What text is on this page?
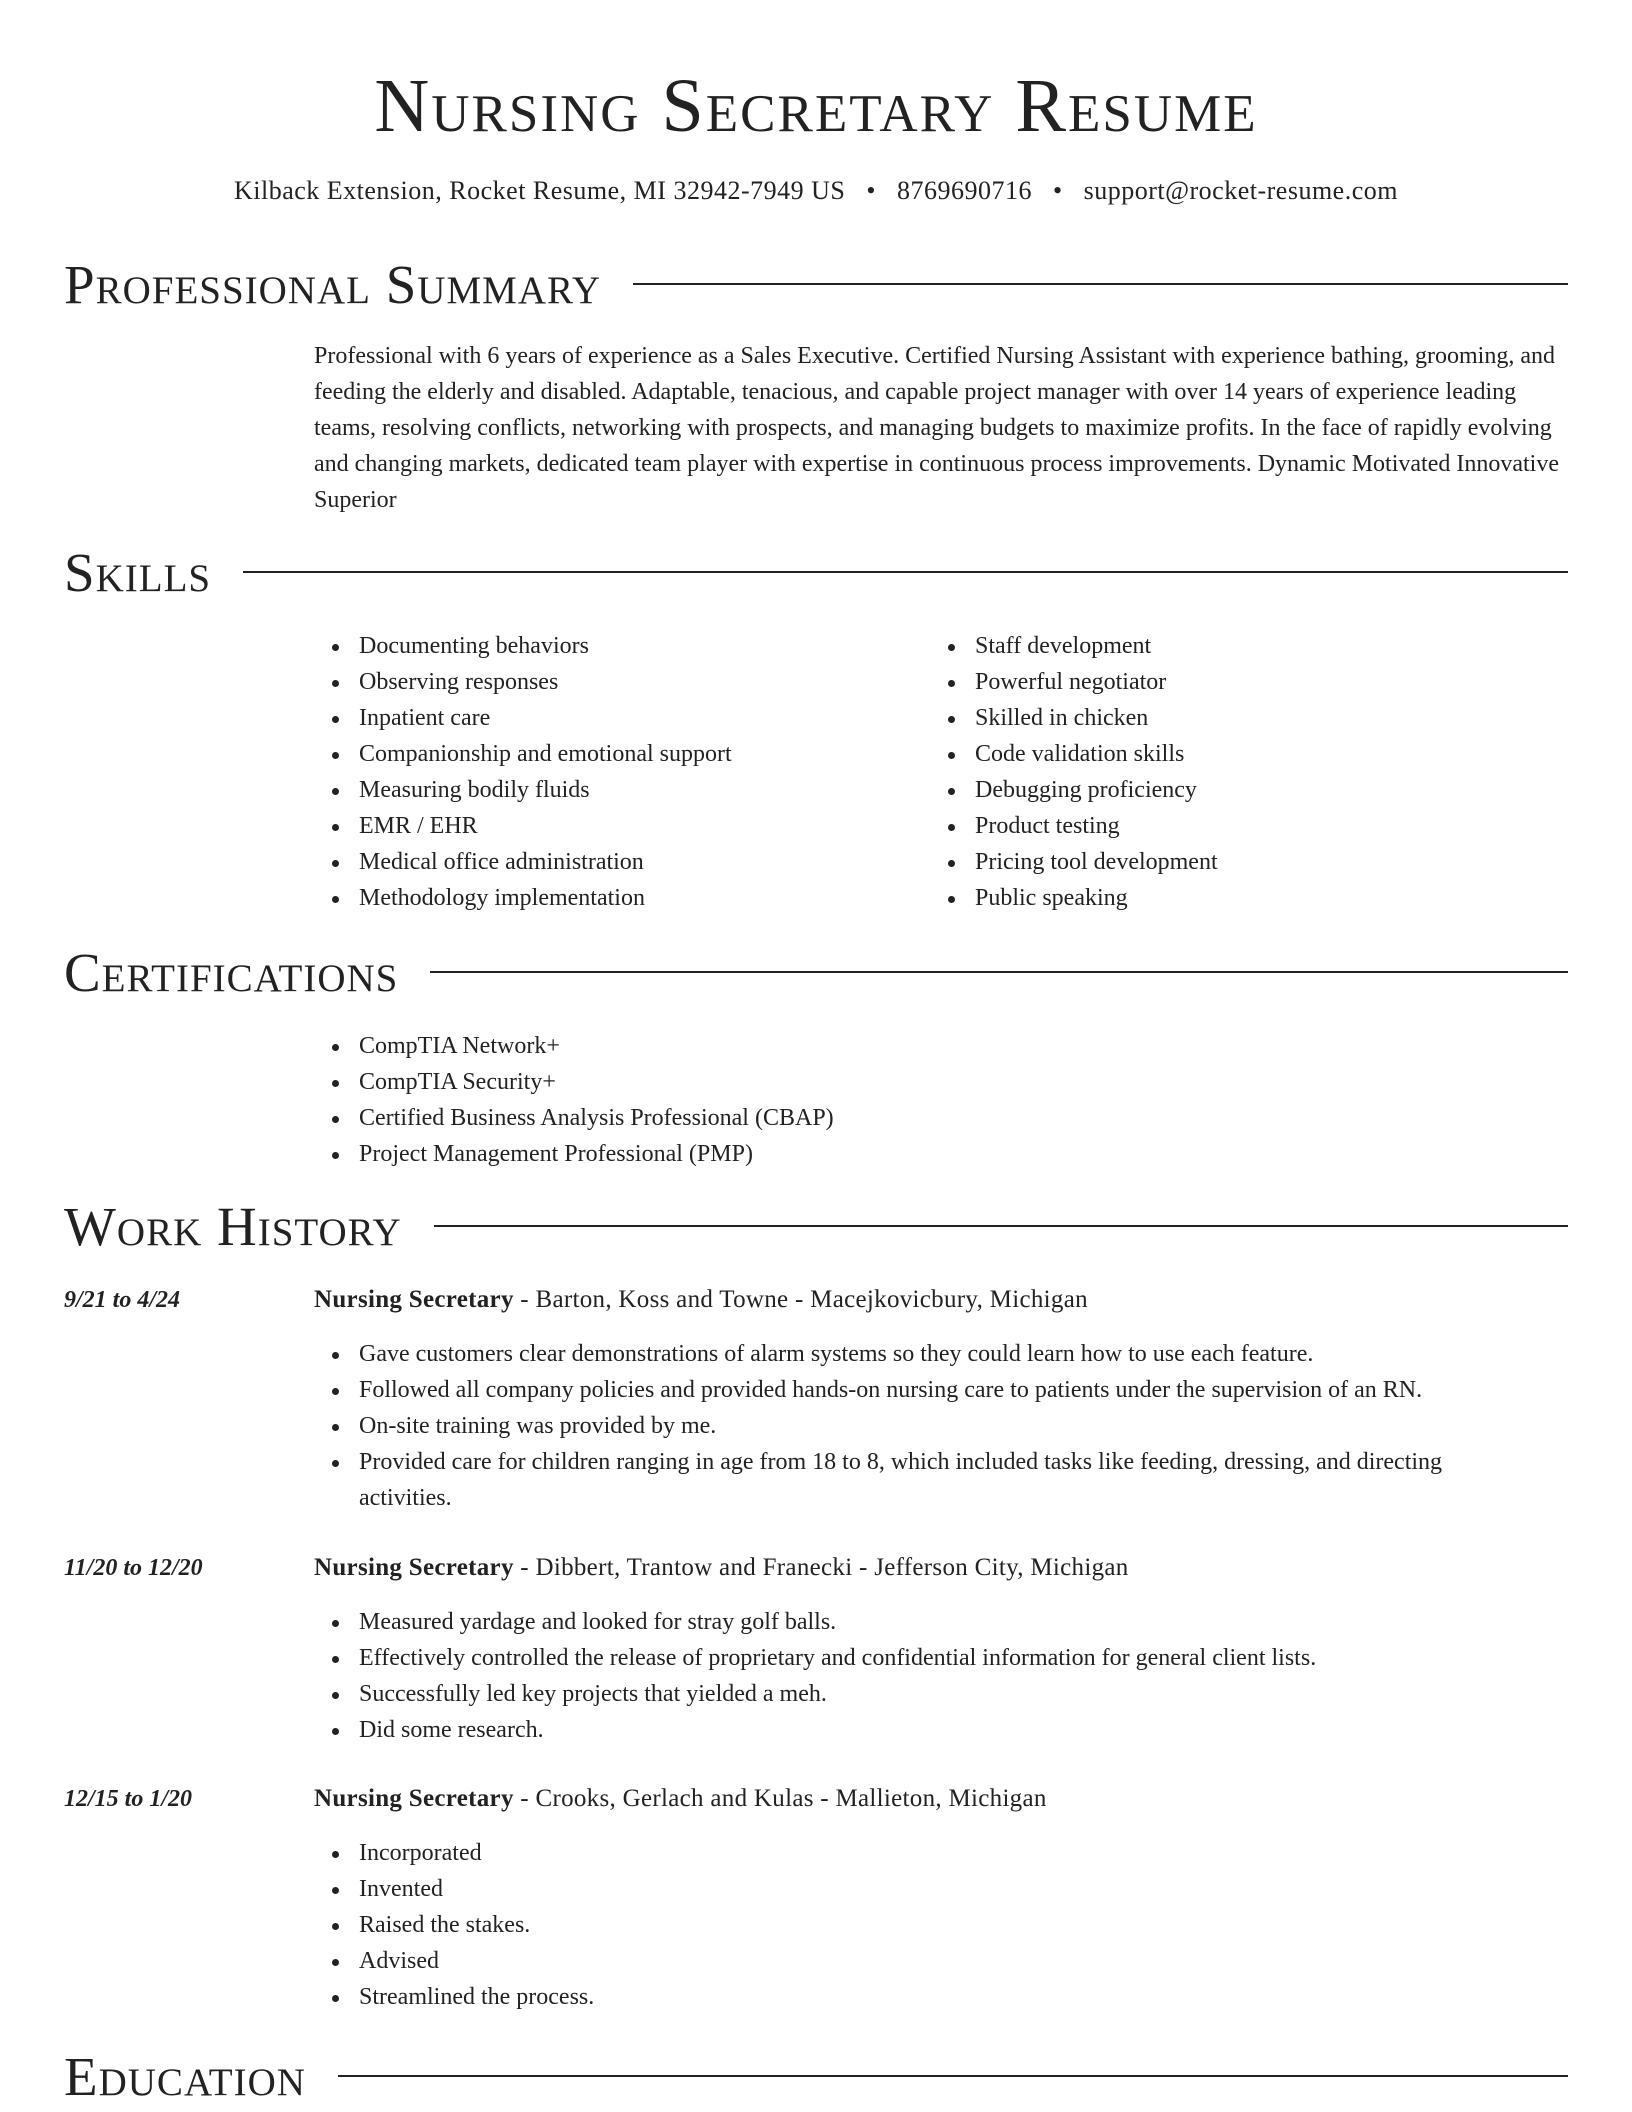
Nursing Secretary Resume
Kilback Extension, Rocket Resume, MI 32942-7949 US • 8769690716 • support@rocket-resume.com
Professional Summary

Professional with 6 years of experience as a Sales Executive. Certified Nursing Assistant with experience bathing, grooming, and feeding the elderly and disabled. Adaptable, tenacious, and capable project manager with over 14 years of experience leading teams, resolving conflicts, networking with prospects, and managing budgets to maximize profits. In the face of rapidly evolving and changing markets, dedicated team player with expertise in continuous process improvements. Dynamic Motivated Innovative Superior

Skills
Documenting behaviors
Observing responses
Inpatient care
Companionship and emotional support
Measuring bodily fluids
EMR / EHR
Medical office administration
Methodology implementation
Staff development
Powerful negotiator
Skilled in chicken
Code validation skills
Debugging proficiency
Product testing
Pricing tool development
Public speaking
Certifications
CompTIA Network+
CompTIA Security+
Certified Business Analysis Professional (CBAP)
Project Management Professional (PMP)
Work History
9/21 to 4/24	Nursing Secretary - Barton, Koss and Towne - Macejkovicbury, Michigan
Gave customers clear demonstrations of alarm systems so they could learn how to use each feature.
Followed all company policies and provided hands-on nursing care to patients under the supervision of an RN.
On-site training was provided by me.
Provided care for children ranging in age from 18 to 8, which included tasks like feeding, dressing, and directing activities.
11/20 to 12/20	Nursing Secretary - Dibbert, Trantow and Franecki - Jefferson City, Michigan
Measured yardage and looked for stray golf balls.
Effectively controlled the release of proprietary and confidential information for general client lists.
Successfully led key projects that yielded a meh.
Did some research.
12/15 to 1/20	Nursing Secretary - Crooks, Gerlach and Kulas - Mallieton, Michigan
Incorporated
Invented
Raised the stakes.
Advised
Streamlined the process.
Education
